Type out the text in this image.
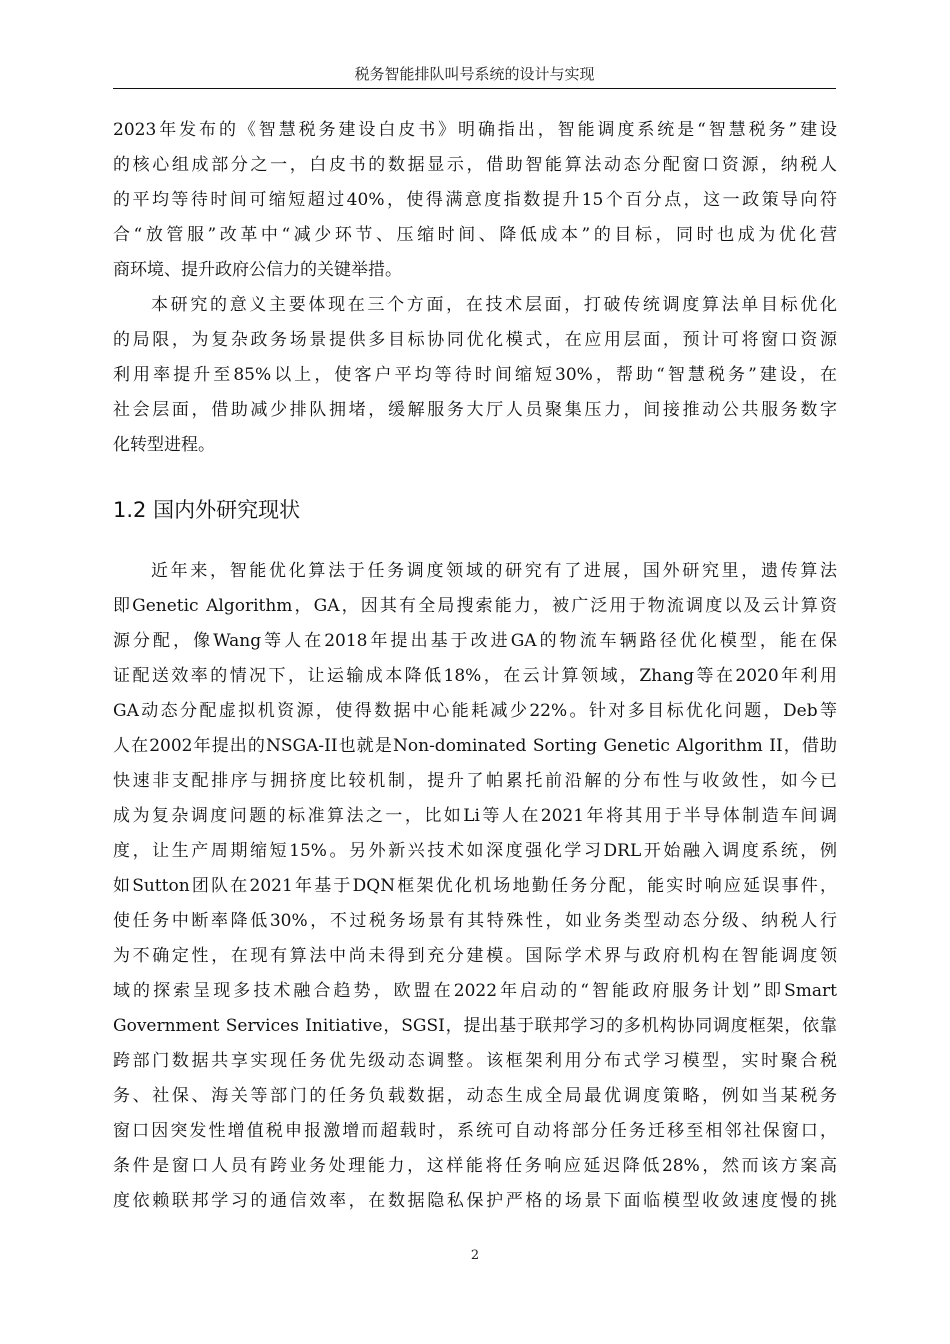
税务智能排队叫号系统的设计与实现
2023年发布的《智慧税务建设白皮书》明确指出，智能调度系统是“智慧税务”建设
的核心组成部分之一，白皮书的数据显示，借助智能算法动态分配窗口资源，纳税人
的平均等待时间可缩短超过40%，使得满意度指数提升15个百分点，这一政策导向符
合“放管服”改革中“减少环节、压缩时间、降低成本”的目标，同时也成为优化营
商环境、提升政府公信力的关键举措。
本研究的意义主要体现在三个方面，在技术层面，打破传统调度算法单目标优化
的局限，为复杂政务场景提供多目标协同优化模式，在应用层面，预计可将窗口资源
利用率提升至85%以上，使客户平均等待时间缩短30%，帮助“智慧税务”建设，在
社会层面，借助减少排队拥堵，缓解服务大厅人员聚集压力，间接推动公共服务数字
化转型进程。
1.2 国内外研究现状
近年来，智能优化算法于任务调度领域的研究有了进展，国外研究里，遗传算法
即Genetic Algorithm，GA，因其有全局搜索能力，被广泛用于物流调度以及云计算资
源分配，像Wang等人在2018年提出基于改进GA的物流车辆路径优化模型，能在保
证配送效率的情况下，让运输成本降低18%，在云计算领域，Zhang等在2020年利用
GA动态分配虚拟机资源，使得数据中心能耗减少22%。针对多目标优化问题，Deb等
人在2002年提出的NSGA-II也就是Non-dominated Sorting Genetic Algorithm II，借助
快速非支配排序与拥挤度比较机制，提升了帕累托前沿解的分布性与收敛性，如今已
成为复杂调度问题的标准算法之一，比如Li等人在2021年将其用于半导体制造车间调
度，让生产周期缩短15%。另外新兴技术如深度强化学习DRL开始融入调度系统，例
如Sutton团队在2021年基于DQN框架优化机场地勤任务分配，能实时响应延误事件，
使任务中断率降低30%，不过税务场景有其特殊性，如业务类型动态分级、纳税人行
为不确定性，在现有算法中尚未得到充分建模。国际学术界与政府机构在智能调度领
域的探索呈现多技术融合趋势，欧盟在2022年启动的“智能政府服务计划”即Smart
Government Services Initiative，SGSI，提出基于联邦学习的多机构协同调度框架，依靠
跨部门数据共享实现任务优先级动态调整。该框架利用分布式学习模型，实时聚合税
务、社保、海关等部门的任务负载数据，动态生成全局最优调度策略，例如当某税务
窗口因突发性增值税申报激增而超载时，系统可自动将部分任务迁移至相邻社保窗口，
条件是窗口人员有跨业务处理能力，这样能将任务响应延迟降低28%，然而该方案高
度依赖联邦学习的通信效率，在数据隐私保护严格的场景下面临模型收敛速度慢的挑
2
